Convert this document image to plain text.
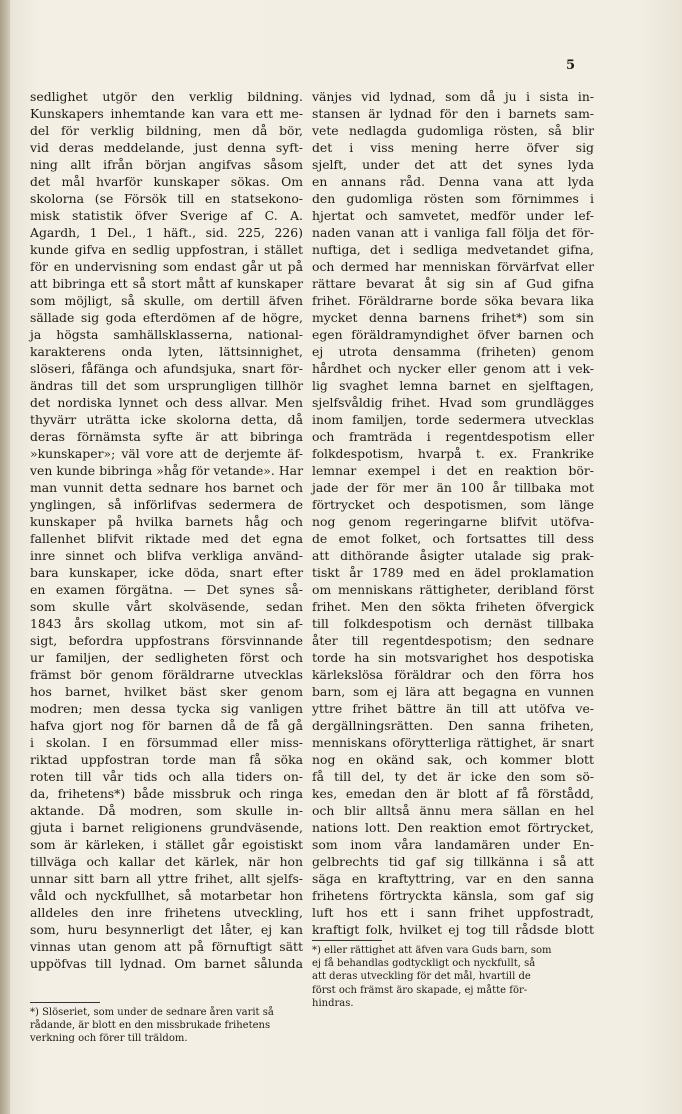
5
sedlighet utgör den verklig bildning.
Kunskapers inhemtande kan vara ett me-
del för verklig bildning, men då bör,
vid deras meddelande, just denna syft-
ning allt ifrån början angifvas såsom
det mål hvarför kunskaper sökas. Om
skolorna (se Försök till en statsekono-
misk statistik öfver Sverige af C. A.
Agardh, 1 Del., 1 häft., sid. 225, 226)
kunde gifva en sedlig uppfostran, i stället
för en undervisning som endast går ut på
att bibringa ett så stort mått af kunskaper
som möjligt, så skulle, om dertill äfven
sällade sig goda efterdömen af de högre,
ja högsta samhällsklasserna, national-
karakterens onda lyten, lättsinnighet,
slöseri, fåfänga och afundsjuka, snart för-
ändras till det som ursprungligen tillhör
det nordiska lynnet och dess allvar. Men
thyvärr uträtta icke skolorna detta, då
deras förnämsta syfte är att bibringa
»kunskaper»; väl vore att de derjemte äf-
ven kunde bibringa »håg för vetande». Har
man vunnit detta sednare hos barnet och
ynglingen, så införlifvas sedermera de
kunskaper på hvilka barnets håg och
fallenhet blifvit riktade med det egna
inre sinnet och blifva verkliga använd-
bara kunskaper, icke döda, snart efter
en examen förgätna. — Det synes så-
som skulle vårt skolväsende, sedan
1843 års skollag utkom, mot sin af-
sigt, befordra uppfostrans försvinnande
ur familjen, der sedligheten först och
främst bör genom föräldrarne utvecklas
hos barnet, hvilket bäst sker genom
modren; men dessa tycka sig vanligen
hafva gjort nog för barnen då de få gå
i skolan. I en försummad eller miss-
riktad uppfostran torde man få söka
roten till vår tids och alla tiders on-
da, frihetens*) både missbruk och ringa
aktande. Då modren, som skulle in-
gjuta i barnet religionens grundväsende,
som är kärleken, i stället går egoistiskt
tillväga och kallar det kärlek, när hon
unnar sitt barn all yttre frihet, allt sjelfs-
våld och nyckfullhet, så motarbetar hon
alldeles den inre frihetens utveckling,
som, huru besynnerligt det låter, ej kan
vinnas utan genom att på förnuftigt sätt
uppöfvas till lydnad. Om barnet sålunda
vänjes vid lydnad, som då ju i sista in-
stansen är lydnad för den i barnets sam-
vete nedlagda gudomliga rösten, så blir
det i viss mening herre öfver sig
sjelft, under det att det synes lyda
en annans råd. Denna vana att lyda
den gudomliga rösten som förnimmes i
hjertat och samvetet, medför under lef-
naden vanan att i vanliga fall följa det för-
nuftiga, det i sedliga medvetandet gifna,
och dermed har menniskan förvärfvat eller
rättare bevarat åt sig sin af Gud gifna
frihet. Föräldrarne borde söka bevara lika
mycket denna barnens frihet*) som sin
egen föräldramyndighet öfver barnen och
ej utrota densamma (friheten) genom
hårdhet och nycker eller genom att i vek-
lig svaghet lemna barnet en sjelftagen,
sjelfsvåldig frihet. Hvad som grundlägges
inom familjen, torde sedermera utvecklas
och framträda i regentdespotism eller
folkdespotism, hvarpå t. ex. Frankrike
lemnar exempel i det en reaktion bör-
jade der för mer än 100 år tillbaka mot
förtrycket och despotismen, som länge
nog genom regeringarne blifvit utöfva-
de emot folket, och fortsattes till dess
att dithörande åsigter utalade sig prak-
tiskt år 1789 med en ädel proklamation
om menniskans rättigheter, deribland först
frihet. Men den sökta friheten öfvergick
till folkdespotism och dernäst tillbaka
åter till regentdespotism; den sednare
torde ha sin motsvarighet hos despotiska
kärlekslösa föräldrar och den förra hos
barn, som ej lära att begagna en vunnen
yttre frihet bättre än till att utöfva ve-
dergällningsrätten. Den sanna friheten,
menniskans oförytterliga rättighet, är snart
nog en okänd sak, och kommer blott
få till del, ty det är icke den som sö-
kes, emedan den är blott af få förstådd,
och blir alltså ännu mera sällan en hel
nations lott. Den reaktion emot förtrycket,
som inom våra landamären under En-
gelbrechts tid gaf sig tillkänna i så att
säga en kraftyttring, var en den sanna
frihetens förtryckta känsla, som gaf sig
luft hos ett i sann frihet uppfostradt,
kraftigt folk, hvilket ej tog till rådsde blott
*) Slöseriet, som under de sednare åren varit så
rådande, är blott en den missbrukade frihetens
verkning och förer till träldom.
*) eller rättighet att äfven vara Guds barn, som
ej få behandlas godtyckligt och nyckfullt, så
att deras utveckling för det mål, hvartill de
först och främst äro skapade, ej måtte för-
hindras.
